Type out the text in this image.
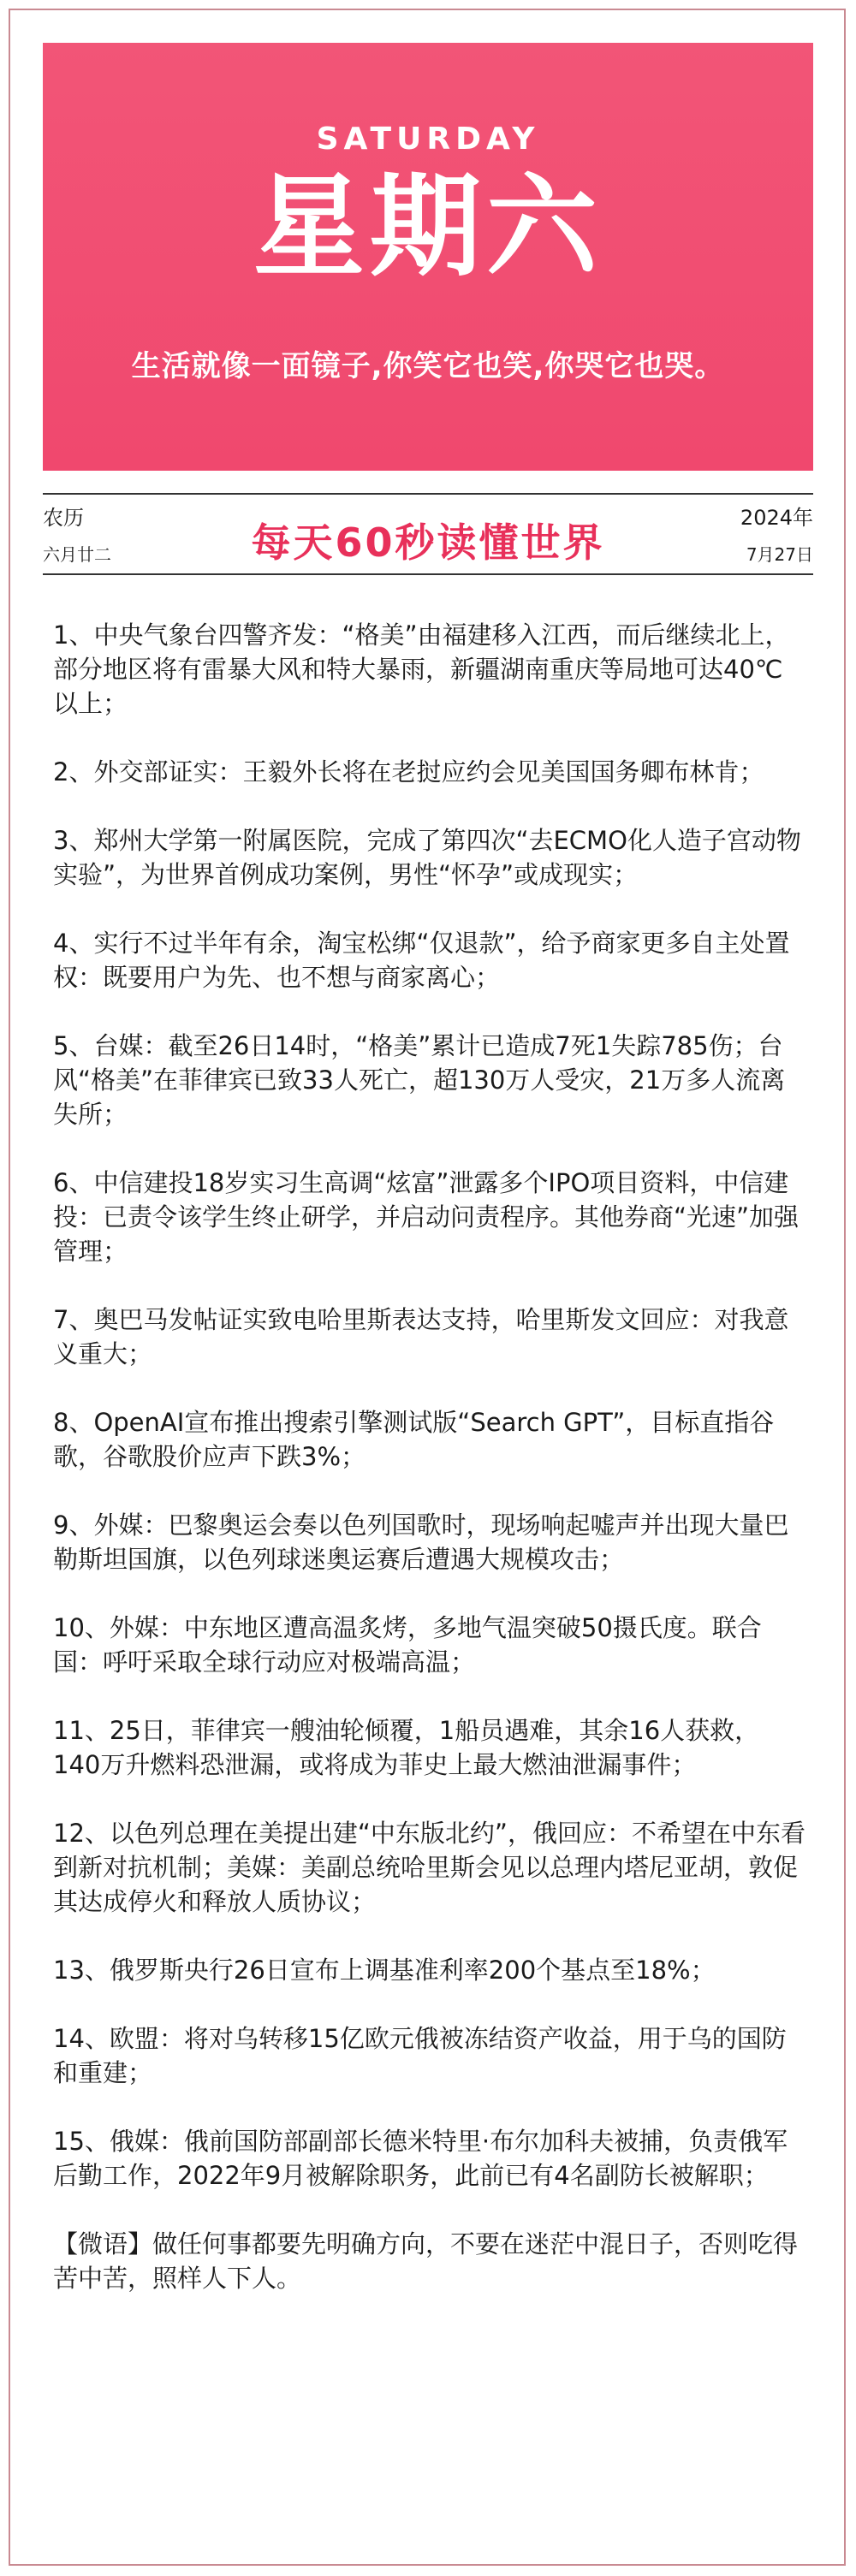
SATURDAY
星期六
生活就像一面镜子,你笑它也笑,你哭它也哭。
农历
六月廿二	每天60秒读懂世界
2024年
7月27日

1、中央气象台四警齐发：“格美”由福建移入江西，而后继续北上，部分地区将有雷暴大风和特大暴雨，新疆湖南重庆等局地可达40℃以上；

2、外交部证实：王毅外长将在老挝应约会见美国国务卿布林肯；

3、郑州大学第一附属医院，完成了第四次“去ECMO化人造子宫动物实验”，为世界首例成功案例，男性“怀孕”或成现实；

4、实行不过半年有余，淘宝松绑“仅退款”，给予商家更多自主处置权：既要用户为先、也不想与商家离心；

5、台媒：截至26日14时，“格美”累计已造成7死1失踪785伤；台风“格美”在菲律宾已致33人死亡，超130万人受灾，21万多人流离失所；

6、中信建投18岁实习生高调“炫富”泄露多个IPO项目资料，中信建投：已责令该学生终止研学，并启动问责程序。其他券商“光速”加强管理；

7、奥巴马发帖证实致电哈里斯表达支持，哈里斯发文回应：对我意义重大；

8、OpenAI宣布推出搜索引擎测试版“Search GPT”，目标直指谷歌，谷歌股价应声下跌3%；

9、外媒：巴黎奥运会奏以色列国歌时，现场响起嘘声并出现大量巴勒斯坦国旗，以色列球迷奥运赛后遭遇大规模攻击；

10、外媒：中东地区遭高温炙烤，多地气温突破50摄氏度。联合国：呼吁采取全球行动应对极端高温；

11、25日，菲律宾一艘油轮倾覆，1船员遇难，其余16人获救，140万升燃料恐泄漏，或将成为菲史上最大燃油泄漏事件；

12、以色列总理在美提出建“中东版北约”，俄回应：不希望在中东看到新对抗机制；美媒：美副总统哈里斯会见以总理内塔尼亚胡，敦促其达成停火和释放人质协议；

13、俄罗斯央行26日宣布上调基准利率200个基点至18%；

14、欧盟：将对乌转移15亿欧元俄被冻结资产收益，用于乌的国防和重建；

15、俄媒：俄前国防部副部长德米特里·布尔加科夫被捕，负责俄军后勤工作，2022年9月被解除职务，此前已有4名副防长被解职；

【微语】做任何事都要先明确方向，不要在迷茫中混日子，否则吃得苦中苦，照样人下人。
